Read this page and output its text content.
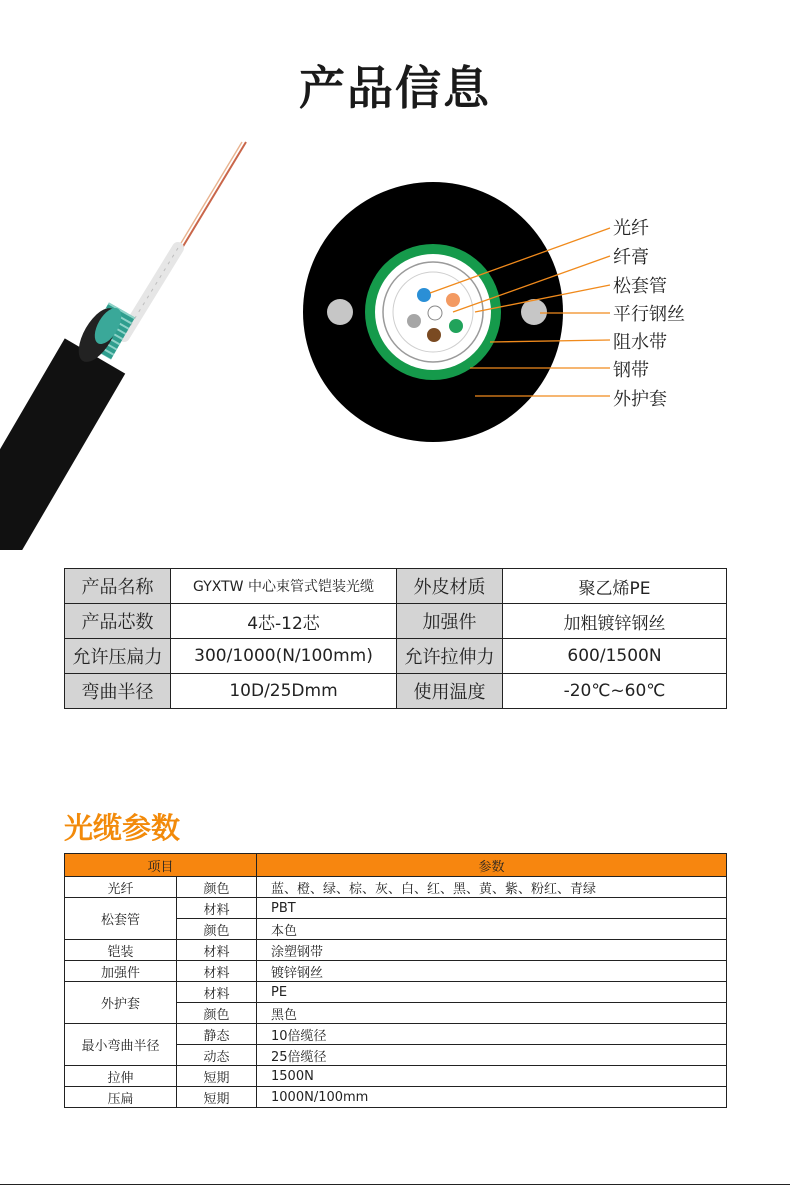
产品信息
光纤
纤膏
松套管
平行钢丝
阻水带
钢带
外护套
产品名称	GYXTW 中心束管式铠装光缆	外皮材质	聚乙烯PE
产品芯数	4芯-12芯	加强件	加粗镀锌钢丝
允许压扁力	300/1000(N/100mm)	允许拉伸力	600/1500N
弯曲半径	10D/25Dmm	使用温度	-20℃~60℃
光缆参数
项目		参数
光纤	颜色	蓝、橙、绿、棕、灰、白、红、黑、黄、紫、粉红、青绿
松套管	材料	PBT
	颜色	本色
铠装	材料	涂塑钢带
加强件	材料	镀锌钢丝
外护套	材料	PE
	颜色	黑色
最小弯曲半径	静态	10倍缆径
	动态	25倍缆径
拉伸	短期	1500N
压扁	短期	1000N/100mm
